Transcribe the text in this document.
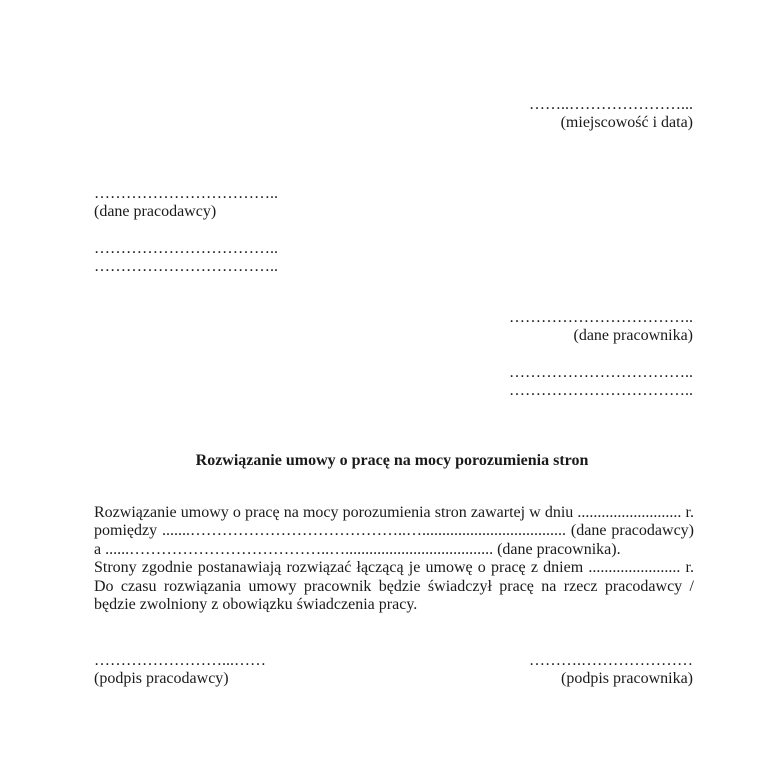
……..…………………...
(miejscowość i data)
……………………………..
(dane pracodawcy)
……………………………..
……………………………..
……………………………..
(dane pracownika)
……………………………..
……………………………..
Rozwiązanie umowy o pracę na mocy porozumienia stron
Rozwiązanie umowy o pracę na mocy porozumienia stron zawartej w dniu .......................... r.
pomiędzy .......…………………………………..….................................... (dane pracodawcy)
a ......………………………………..…..................................... (dane pracownika).
Strony zgodnie postanawiają rozwiązać łączącą je umowę o pracę z dniem ....................... r.
Do czasu rozwiązania umowy pracownik będzie świadczył pracę na rzecz pracodawcy /
będzie zwolniony z obowiązku świadczenia pracy.
……………………...……
(podpis pracodawcy)
……….…………………
(podpis pracownika)
